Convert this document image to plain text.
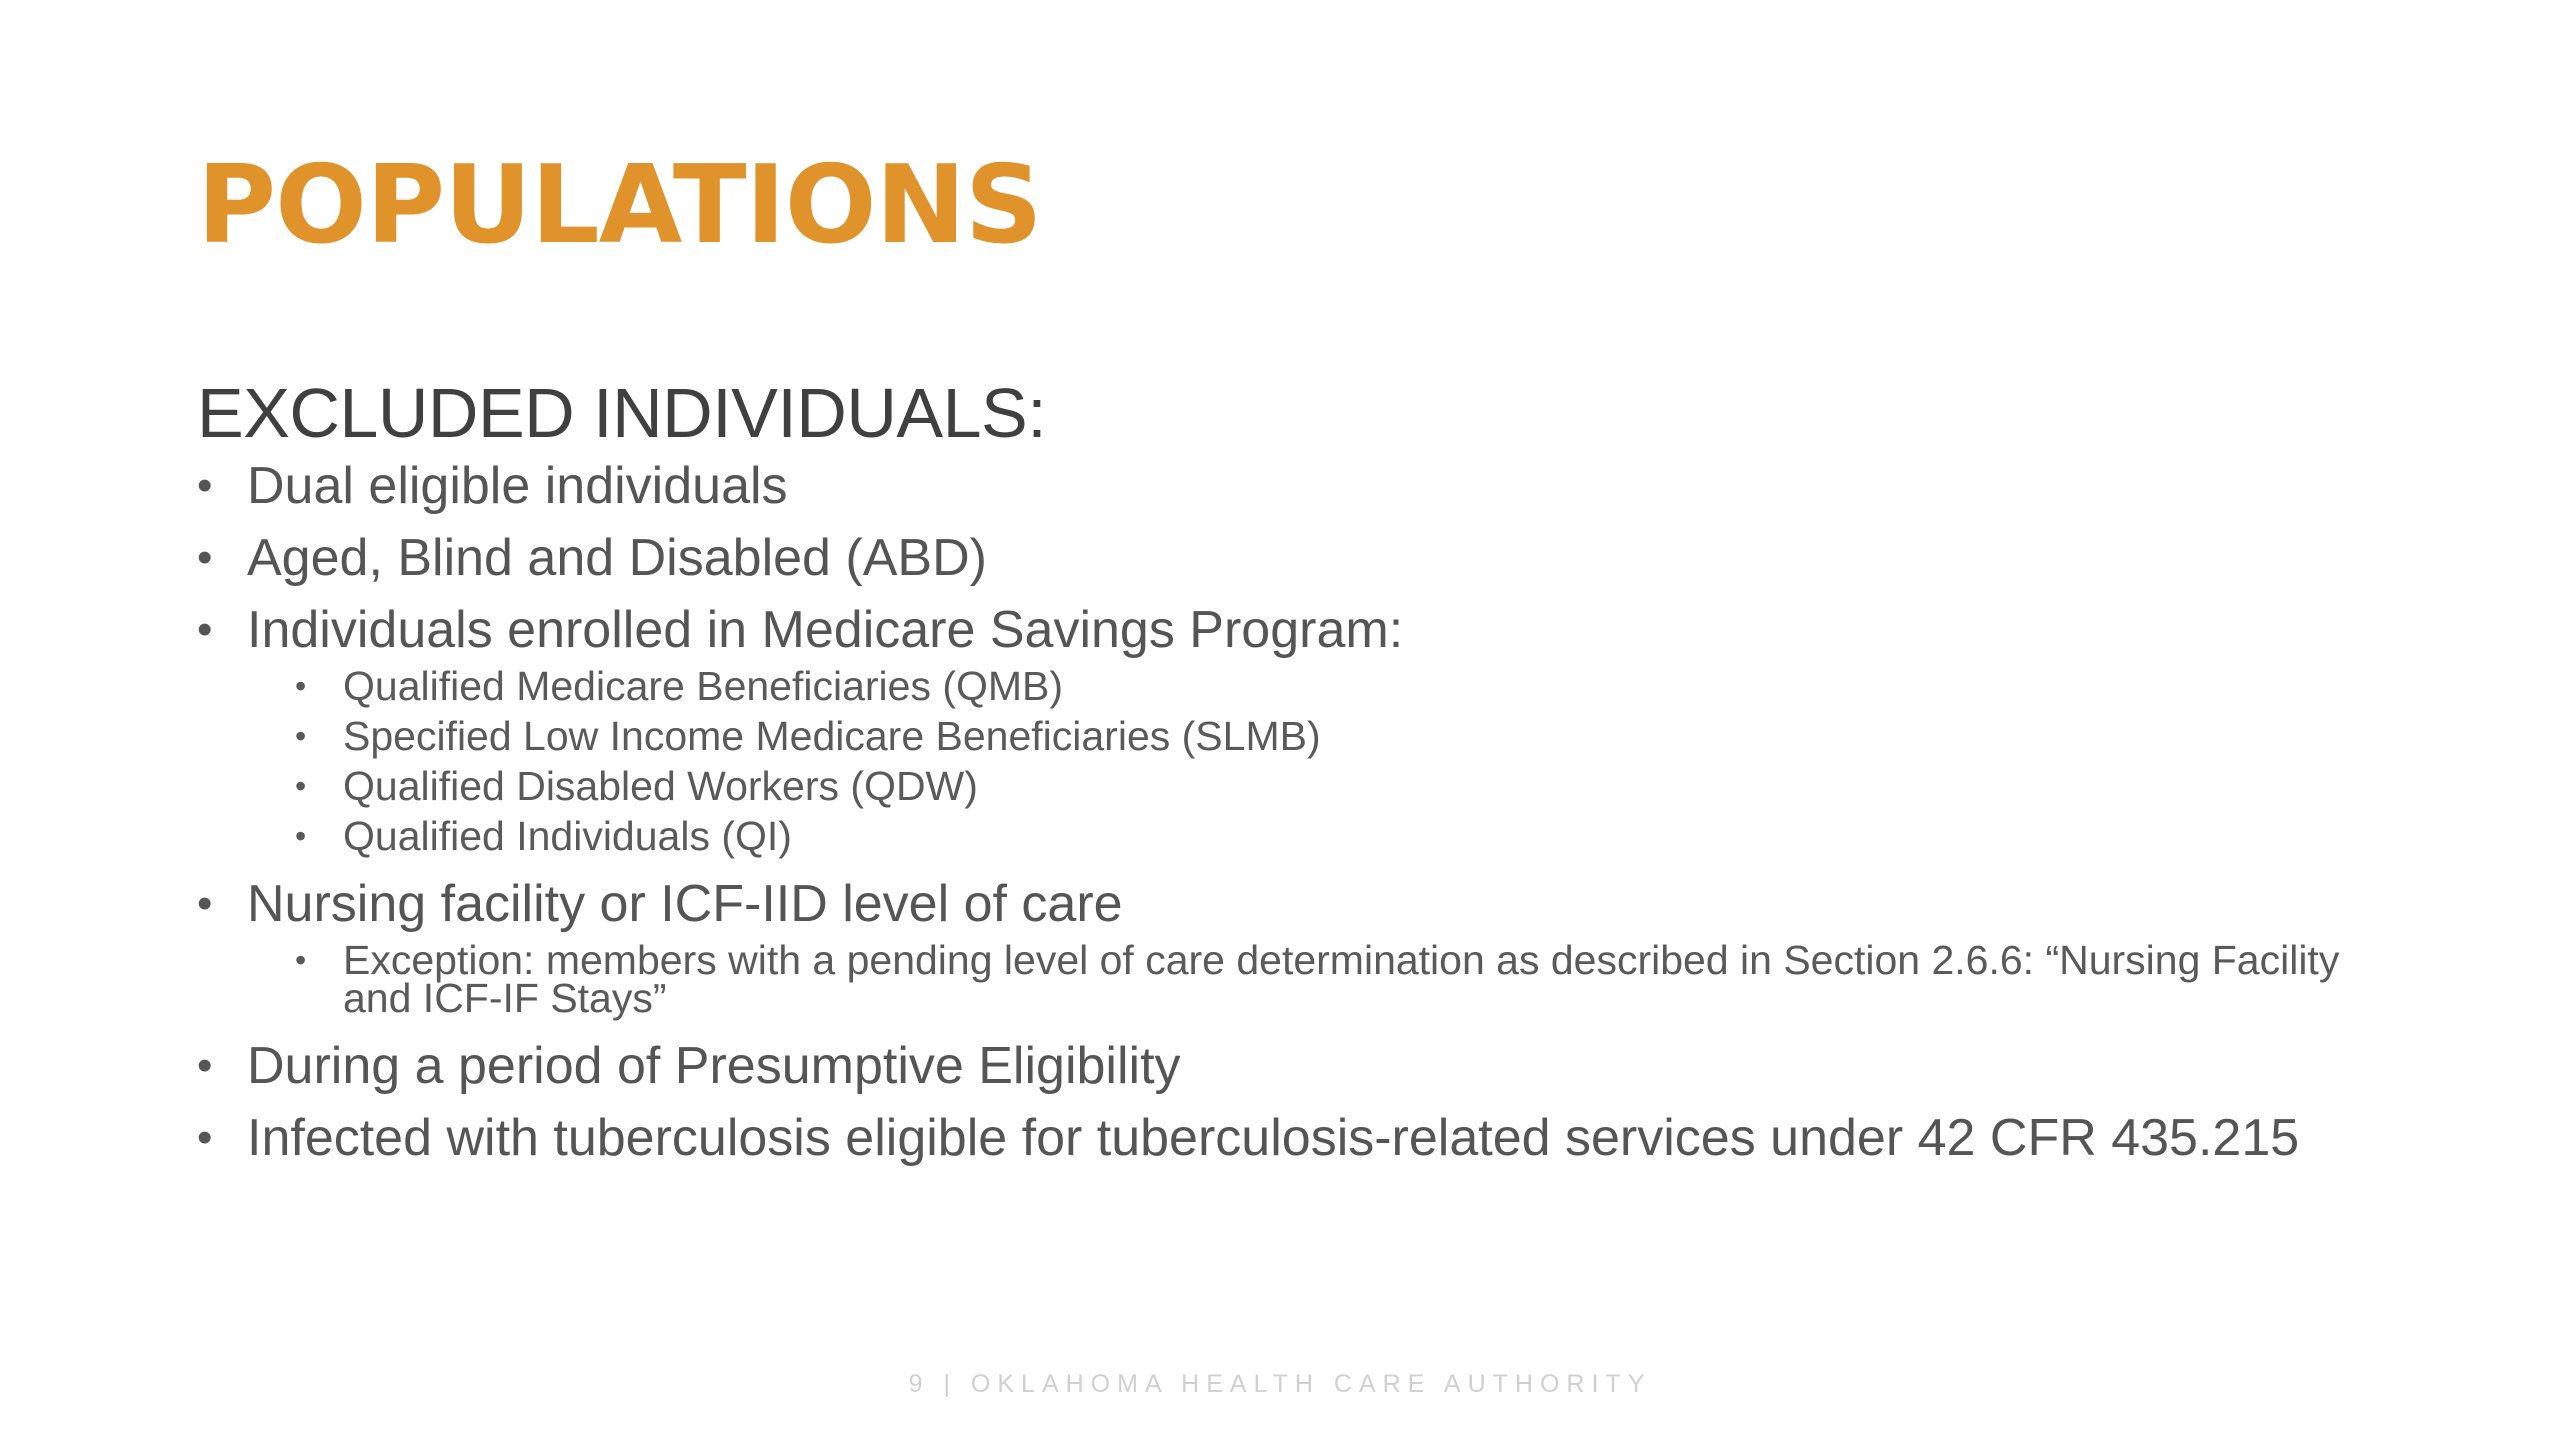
POPULATIONS
EXCLUDED INDIVIDUALS:
• Dual eligible individuals
• Aged, Blind and Disabled (ABD)
• Individuals enrolled in Medicare Savings Program:
• Qualified Medicare Beneficiaries (QMB)
• Specified Low Income Medicare Beneficiaries (SLMB)
• Qualified Disabled Workers (QDW)
• Qualified Individuals (QI)
• Nursing facility or ICF-IID level of care
• Exception: members with a pending level of care determination as described in Section 2.6.6: “Nursing Facility and ICF-IF Stays”
• During a period of Presumptive Eligibility
• Infected with tuberculosis eligible for tuberculosis-related services under 42 CFR 435.215
9 | OKLAHOMA HEALTH CARE AUTHORITY
